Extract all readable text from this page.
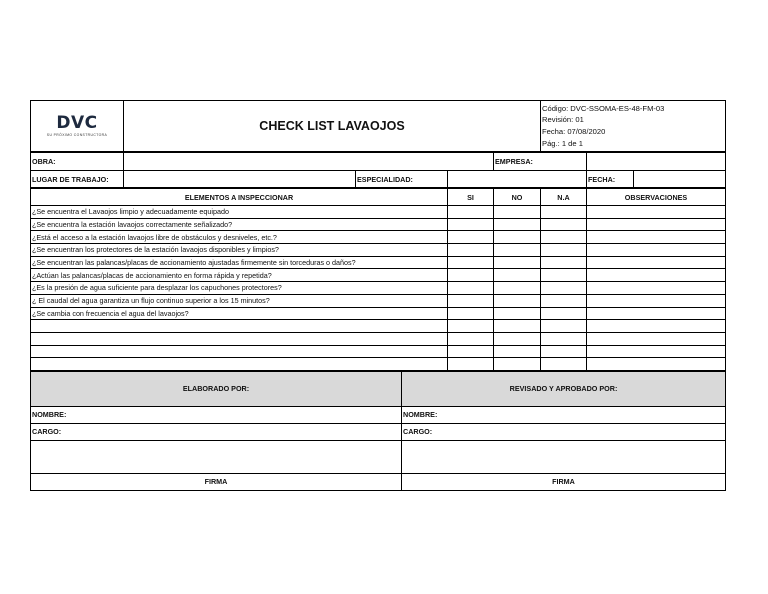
DVC
SU PRÓXIMO CONSTRUCTORA
	CHECK LIST LAVAOJOS	
Código: DVC-SSOMA-ES-48-FM-03
Revisión: 01
Fecha: 07/08/2020
Pág.: 1 de 1
OBRA:				EMPRESA:		
LUGAR DE TRABAJO:		ESPECIALIDAD:			FECHA:	
ELEMENTOS A INSPECCIONAR	SI	NO	N.A	OBSERVACIONES
¿Se encuentra el Lavaojos limpio y adecuadamente equipado				
¿Se encuentra la estación lavaojos correctamente señalizado?				
¿Está el acceso a la estación lavaojos libre de obstáculos y desniveles, etc.?				
¿Se encuentran los protectores de la estación lavaojos disponibles y limpios?				
¿Se encuentran las palancas/placas de accionamiento ajustadas firmemente sin torceduras o daños?				
¿Actúan las palancas/placas de accionamiento en forma rápida y repetida?				
¿Es la presión de agua suficiente para desplazar los capuchones protectores?				
¿ El caudal del agua garantiza un flujo continuo superior a los 15 minutos?				
¿Se cambia con frecuencia el agua del lavaojos?				

ELABORADO POR:	REVISADO Y APROBADO POR:
NOMBRE:	NOMBRE:
CARGO:	CARGO:

FIRMA	FIRMA
